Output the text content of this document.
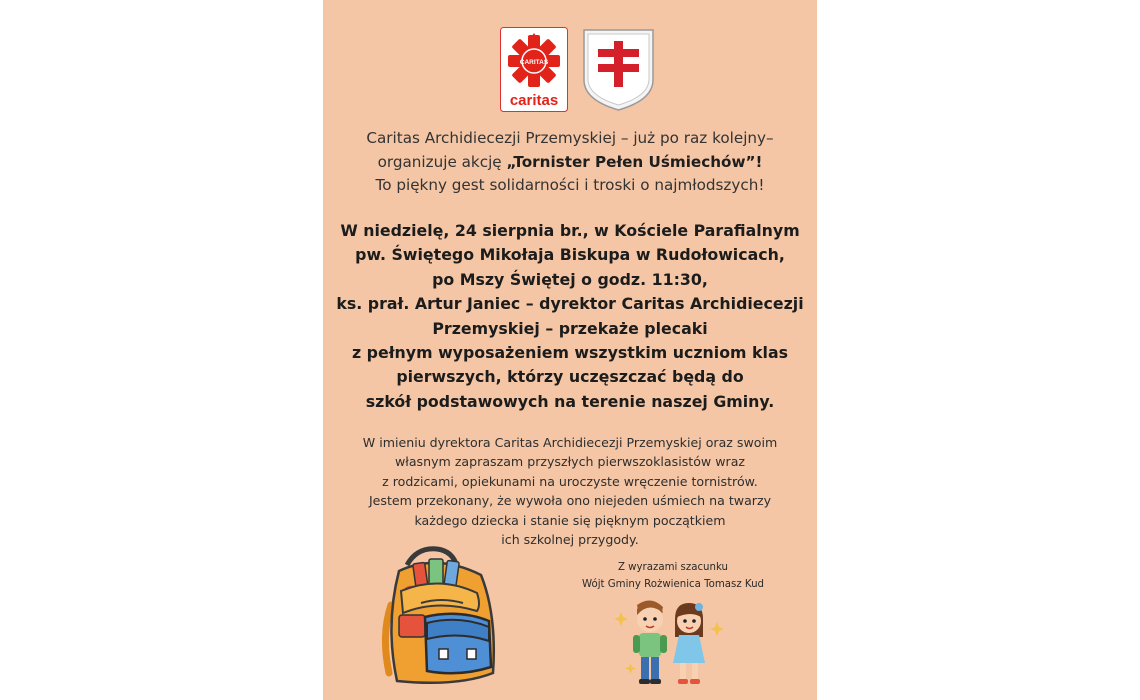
CARITAS
caritas

Caritas Archidiecezji Przemyskiej – już po raz kolejny–
organizuje akcję „Tornister Pełen Uśmiechów”!
To piękny gest solidarności i troski o najmłodszych!

W niedzielę, 24 sierpnia br., w Kościele Parafialnym
pw. Świętego Mikołaja Biskupa w Rudołowicach,
po Mszy Świętej o godz. 11:30,
ks. prał. Artur Janiec – dyrektor Caritas Archidiecezji
Przemyskiej – przekaże plecaki
z pełnym wyposażeniem wszystkim uczniom klas
pierwszych, którzy uczęszczać będą do
szkół podstawowych na terenie naszej Gminy.

W imieniu dyrektora Caritas Archidiecezji Przemyskiej oraz swoim
własnym zapraszam przyszłych pierwszoklasistów wraz
z rodzicami, opiekunami na uroczyste wręczenie tornistrów.
Jestem przekonany, że wywoła ono niejeden uśmiech na twarzy
każdego dziecka i stanie się pięknym początkiem
ich szkolnej przygody.

Z wyrazami szacunku
Wójt Gminy Rożwienica Tomasz Kud
